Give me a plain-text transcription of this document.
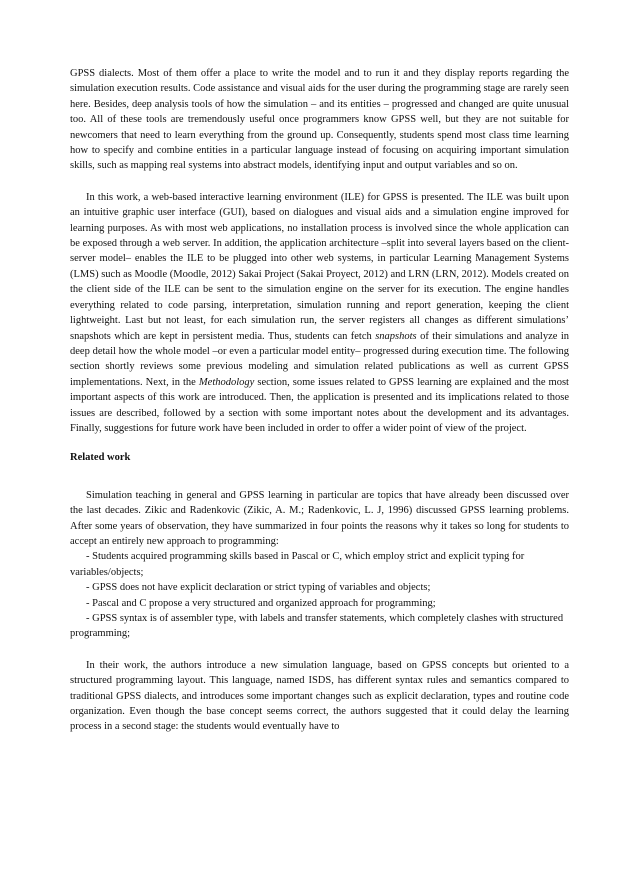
GPSS dialects. Most of them offer a place to write the model and to run it and they display reports regarding the simulation execution results. Code assistance and visual aids for the user during the programming stage are rarely seen here. Besides, deep analysis tools of how the simulation – and its entities – progressed and changed are quite unusual too. All of these tools are tremendously useful once programmers know GPSS well, but they are not suitable for newcomers that need to learn everything from the ground up. Consequently, students spend most class time learning how to specify and combine entities in a particular language instead of focusing on acquiring important simulation skills, such as mapping real systems into abstract models, identifying input and output variables and so on.

In this work, a web-based interactive learning environment (ILE) for GPSS is presented. The ILE was built upon an intuitive graphic user interface (GUI), based on dialogues and visual aids and a simulation engine improved for learning purposes. As with most web applications, no installation process is involved since the whole application can be exposed through a web server. In addition, the application architecture –split into several layers based on the client-server model– enables the ILE to be plugged into other web systems, in particular Learning Management Systems (LMS) such as Moodle (Moodle, 2012) Sakai Project (Sakai Proyect, 2012) and LRN (LRN, 2012). Models created on the client side of the ILE can be sent to the simulation engine on the server for its execution. The engine handles everything related to code parsing, interpretation, simulation running and report generation, keeping the client lightweight. Last but not least, for each simulation run, the server registers all changes as different simulations’ snapshots which are kept in persistent media. Thus, students can fetch snapshots of their simulations and analyze in deep detail how the whole model –or even a particular model entity– progressed during execution time. The following section shortly reviews some previous modeling and simulation related publications as well as current GPSS implementations. Next, in the Methodology section, some issues related to GPSS learning are explained and the most important aspects of this work are introduced. Then, the application is presented and its implications related to those issues are described, followed by a section with some important notes about the development and its advantages. Finally, suggestions for future work have been included in order to offer a wider point of view of the project.

Related work

Simulation teaching in general and GPSS learning in particular are topics that have already been discussed over the last decades. Zikic and Radenkovic (Zikic, A. M.; Radenkovic, L. J, 1996) discussed GPSS learning problems. After some years of observation, they have summarized in four points the reasons why it takes so long for students to accept an entirely new approach to programming:

- Students acquired programming skills based in Pascal or C, which employ strict and explicit typing for variables/objects;

- GPSS does not have explicit declaration or strict typing of variables and objects;

- Pascal and C propose a very structured and organized approach for programming;

- GPSS syntax is of assembler type, with labels and transfer statements, which completely clashes with structured programming;

In their work, the authors introduce a new simulation language, based on GPSS concepts but oriented to a structured programming layout. This language, named ISDS, has different syntax rules and semantics compared to traditional GPSS dialects, and introduces some important changes such as explicit declaration, types and routine code organization. Even though the base concept seems correct, the authors suggested that it could delay the learning process in a second stage: the students would eventually have to
